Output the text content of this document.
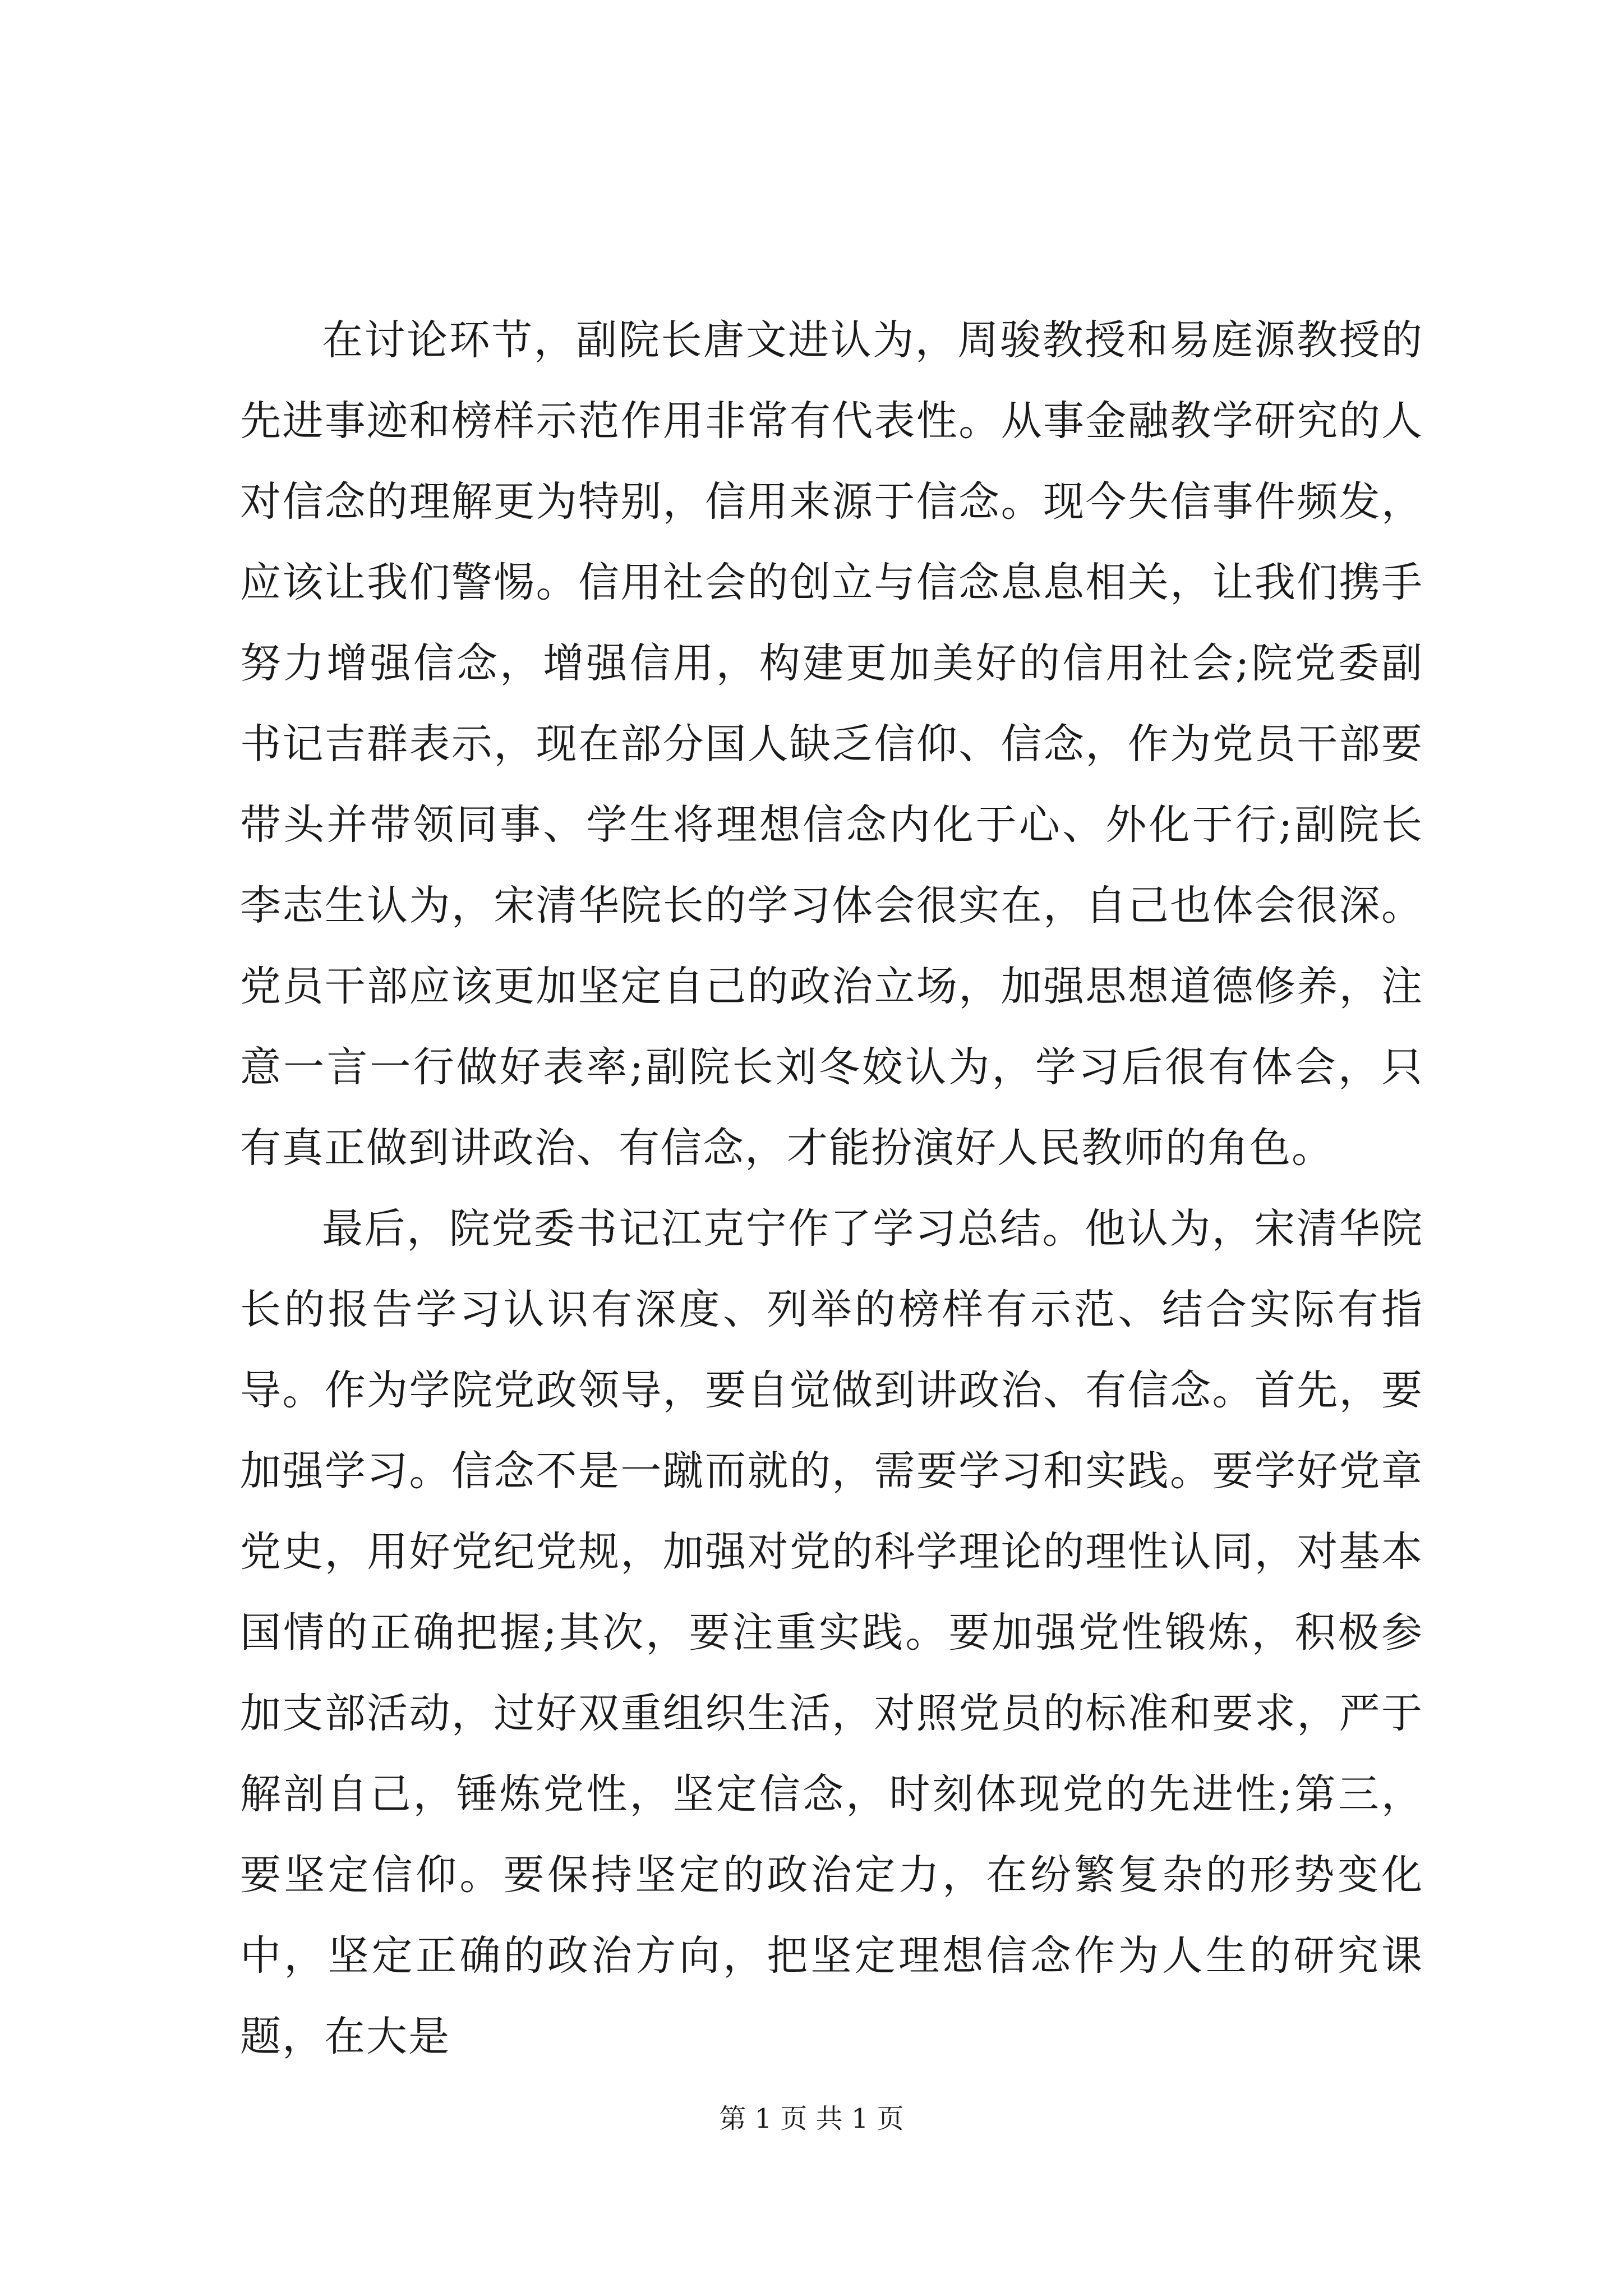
在讨论环节，副院长唐文进认为，周骏教授和易庭源教授的先进事迹和榜样示范作用非常有代表性。从事金融教学研究的人对信念的理解更为特别，信用来源于信念。现今失信事件频发，应该让我们警惕。信用社会的创立与信念息息相关，让我们携手努力增强信念，增强信用，构建更加美好的信用社会;院党委副书记吉群表示，现在部分国人缺乏信仰、信念，作为党员干部要带头并带领同事、学生将理想信念内化于心、外化于行;副院长李志生认为，宋清华院长的学习体会很实在，自己也体会很深。党员干部应该更加坚定自己的政治立场，加强思想道德修养，注意一言一行做好表率;副院长刘冬姣认为，学习后很有体会，只有真正做到讲政治、有信念，才能扮演好人民教师的角色。

最后，院党委书记江克宁作了学习总结。他认为，宋清华院长的报告学习认识有深度、列举的榜样有示范、结合实际有指导。作为学院党政领导，要自觉做到讲政治、有信念。首先，要加强学习。信念不是一蹴而就的，需要学习和实践。要学好党章党史，用好党纪党规，加强对党的科学理论的理性认同，对基本国情的正确把握;其次，要注重实践。要加强党性锻炼，积极参加支部活动，过好双重组织生活，对照党员的标准和要求，严于解剖自己，锤炼党性，坚定信念，时刻体现党的先进性;第三，要坚定信仰。要保持坚定的政治定力，在纷繁复杂的形势变化中，坚定正确的政治方向，把坚定理想信念作为人生的研究课题，在大是

第 1 页 共 1 页
